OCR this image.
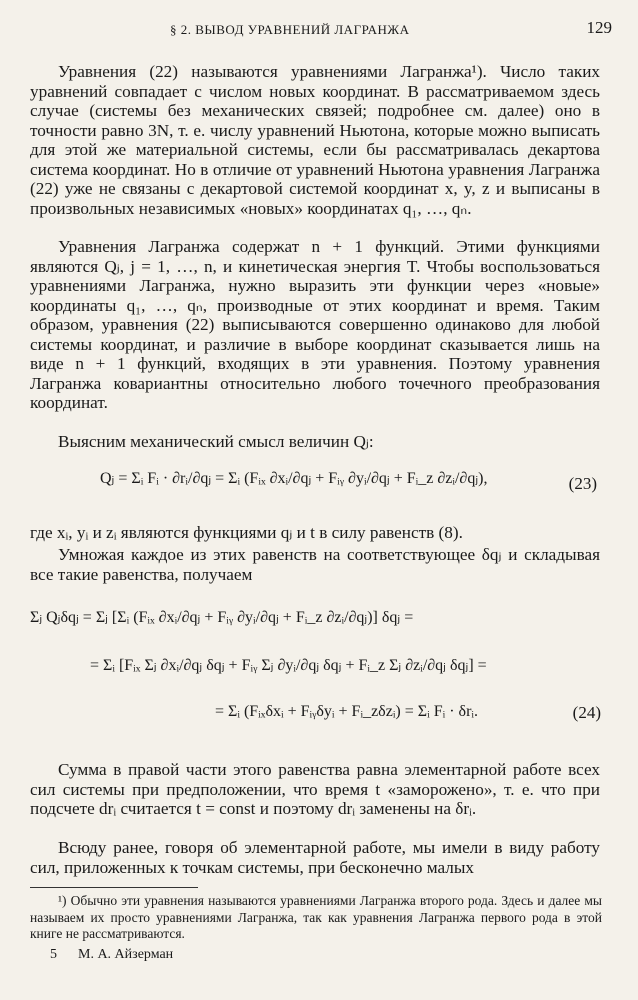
§ 2. ВЫВОД УРАВНЕНИЙ ЛАГРАНЖА	129

Уравнения (22) называются уравнениями Лагранжа¹). Число таких уравнений совпадает с числом новых координат. В рассматриваемом здесь случае (системы без механических связей; подробнее см. далее) оно в точности равно 3N, т. е. числу уравнений Ньютона, которые можно выписать для этой же материальной системы, если бы рассматривалась декартова система координат. Но в отличие от уравнений Ньютона уравнения Лагранжа (22) уже не связаны с декартовой системой координат x, y, z и выписаны в произвольных независимых «новых» координатах q₁, …, qₙ.

Уравнения Лагранжа содержат n + 1 функций. Этими функциями являются Qⱼ, j = 1, …, n, и кинетическая энергия T. Чтобы воспользоваться уравнениями Лагранжа, нужно выразить эти функции через «новые» координаты q₁, …, qₙ, производные от этих координат и время. Таким образом, уравнения (22) выписываются совершенно одинаково для любой системы координат, и различие в выборе координат сказывается лишь на виде n + 1 функций, входящих в эти уравнения. Поэтому уравнения Лагранжа ковариантны относительно любого точечного преобразования координат.

Выясним механический смысл величин Qⱼ:

Qⱼ = Σᵢ Fᵢ · ∂rᵢ/∂qⱼ = Σᵢ (Fᵢₓ ∂xᵢ/∂qⱼ + Fᵢᵧ ∂yᵢ/∂qⱼ + Fᵢ_z ∂zᵢ/∂qⱼ),	(23)

где xᵢ, yᵢ и zᵢ являются функциями qⱼ и t в силу равенств (8).

Умножая каждое из этих равенств на соответствующее δqⱼ и складывая все такие равенства, получаем

Σⱼ Qⱼδqⱼ = Σⱼ [Σᵢ (Fᵢₓ ∂xᵢ/∂qⱼ + Fᵢᵧ ∂yᵢ/∂qⱼ + Fᵢ_z ∂zᵢ/∂qⱼ)] δqⱼ =
= Σᵢ [Fᵢₓ Σⱼ ∂xᵢ/∂qⱼ δqⱼ + Fᵢᵧ Σⱼ ∂yᵢ/∂qⱼ δqⱼ + Fᵢ_z Σⱼ ∂zᵢ/∂qⱼ δqⱼ] =
= Σᵢ (Fᵢₓδxᵢ + Fᵢᵧδyᵢ + Fᵢ_zδzᵢ) = Σᵢ Fᵢ · δrᵢ.	(24)

Сумма в правой части этого равенства равна элементарной работе всех сил системы при предположении, что время t «заморожено», т. е. что при подсчете drᵢ считается t = const и поэтому drᵢ заменены на δrᵢ.

Всюду ранее, говоря об элементарной работе, мы имели в виду работу сил, приложенных к точкам системы, при бесконечно малых

¹) Обычно эти уравнения называются уравнениями Лагранжа второго рода. Здесь и далее мы называем их просто уравнениями Лагранжа, так как уравнения Лагранжа первого рода в этой книге не рассматриваются.

5 М. А. Айзерман
